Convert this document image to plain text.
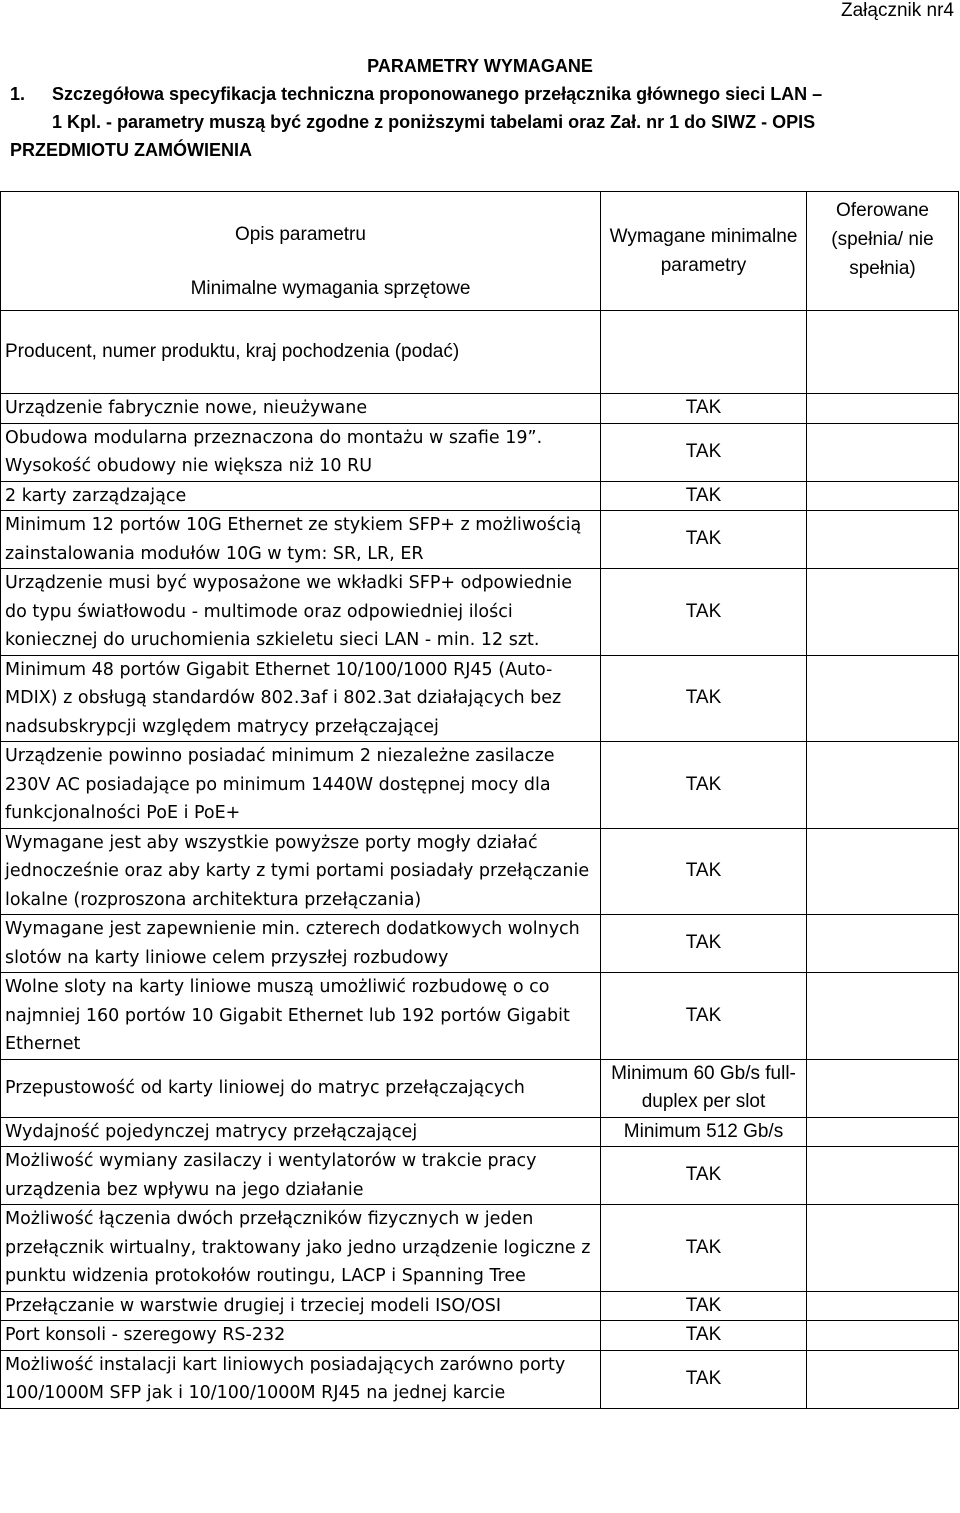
Załącznik nr4
PARAMETRY WYMAGANE
1.	Szczegółowa specyfikacja techniczna proponowanego przełącznika głównego sieci LAN –
1 Kpl. - parametry muszą być zgodne z poniższymi tabelami oraz Zał. nr 1 do SIWZ - OPIS
PRZEDMIOTU ZAMÓWIENIA
Opis parametru
Minimalne wymagania sprzętowe	Wymagane minimalne parametry	Oferowane (spełnia/ nie spełnia)
Producent, numer produktu, kraj pochodzenia (podać)		
Urządzenie fabrycznie nowe, nieużywane	TAK	
Obudowa modularna przeznaczona do montażu w szafie 19”. Wysokość obudowy nie większa niż 10 RU	TAK	
2 karty zarządzające	TAK	
Minimum 12 portów 10G Ethernet ze stykiem SFP+ z możliwością zainstalowania modułów 10G w tym: SR, LR, ER	TAK	
Urządzenie musi być wyposażone we wkładki SFP+ odpowiednie do typu światłowodu - multimode oraz odpowiedniej ilości koniecznej do uruchomienia szkieletu sieci LAN - min. 12 szt.	TAK	
Minimum 48 portów Gigabit Ethernet 10/100/1000 RJ45 (Auto-MDIX) z obsługą standardów 802.3af i 802.3at działających bez nadsubskrypcji względem matrycy przełączającej	TAK	
Urządzenie powinno posiadać minimum 2 niezależne zasilacze 230V AC posiadające po minimum 1440W dostępnej mocy dla funkcjonalności PoE i PoE+	TAK	
Wymagane jest aby wszystkie powyższe porty mogły działać jednocześnie oraz aby karty z tymi portami posiadały przełączanie lokalne (rozproszona architektura przełączania)	TAK	
Wymagane jest zapewnienie min. czterech dodatkowych wolnych slotów na karty liniowe celem przyszłej rozbudowy	TAK	
Wolne sloty na karty liniowe muszą umożliwić rozbudowę o co najmniej 160 portów 10 Gigabit Ethernet lub 192 portów Gigabit Ethernet	TAK	
Przepustowość od karty liniowej do matryc przełączających	Minimum 60 Gb/s full-duplex per slot	
Wydajność pojedynczej matrycy przełączającej	Minimum 512 Gb/s	
Możliwość wymiany zasilaczy i wentylatorów w trakcie pracy urządzenia bez wpływu na jego działanie	TAK	
Możliwość łączenia dwóch przełączników fizycznych w jeden przełącznik wirtualny, traktowany jako jedno urządzenie logiczne z punktu widzenia protokołów routingu, LACP i Spanning Tree	TAK	
Przełączanie w warstwie drugiej i trzeciej modeli ISO/OSI	TAK	
Port konsoli - szeregowy RS-232	TAK	
Możliwość instalacji kart liniowych posiadających zarówno porty 100/1000M SFP jak i 10/100/1000M RJ45 na jednej karcie	TAK	
